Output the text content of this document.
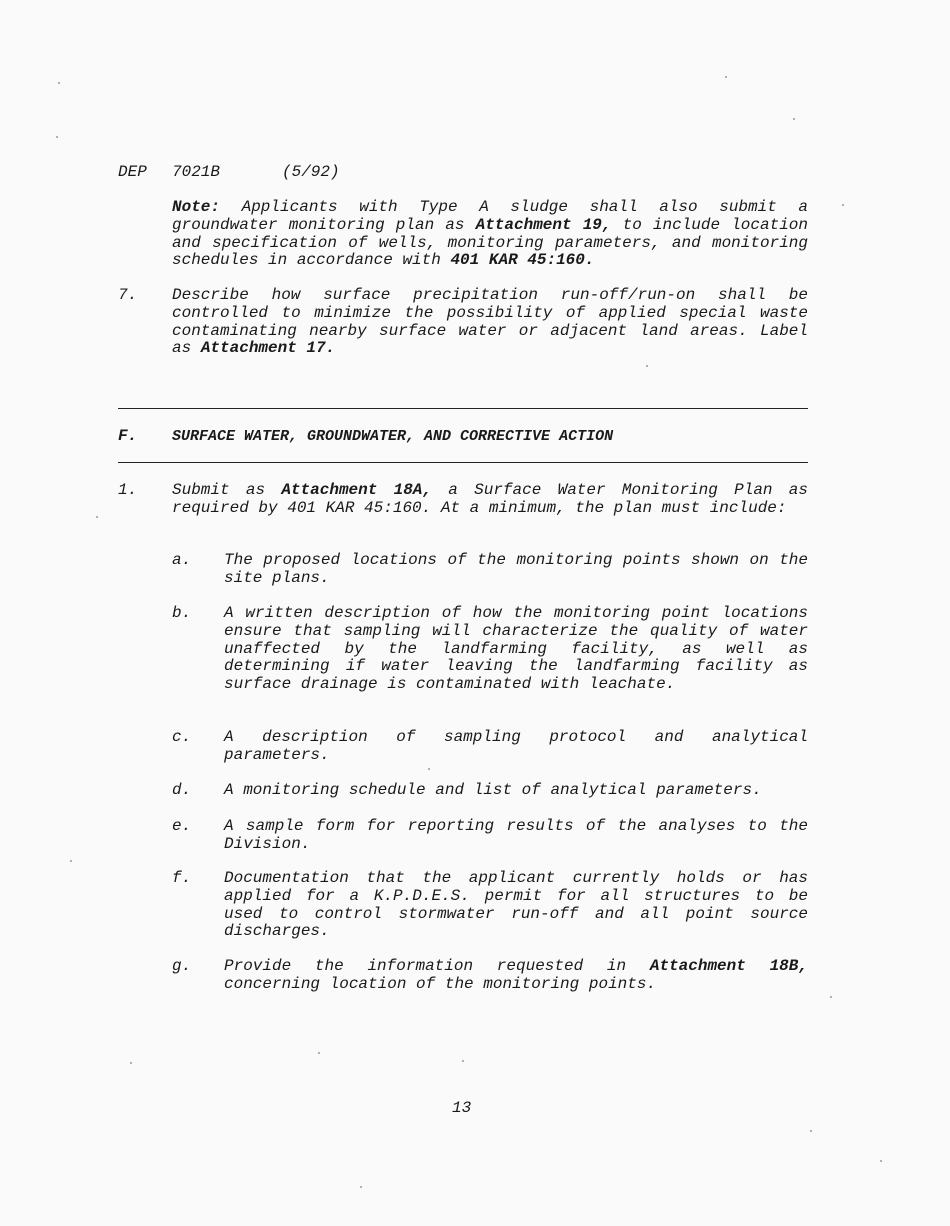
DEP 7021B	(5/92)
Note: Applicants with Type A sludge shall also submit a groundwater monitoring plan as Attachment 19, to include location and specification of wells, monitoring parameters, and monitoring schedules in accordance with 401 KAR 45:160.
7. Describe how surface precipitation run-off/run-on shall be controlled to minimize the possibility of applied special waste contaminating nearby surface water or adjacent land areas. Label as Attachment 17.
F. SURFACE WATER, GROUNDWATER, AND CORRECTIVE ACTION
1. Submit as Attachment 18A, a Surface Water Monitoring Plan as required by 401 KAR 45:160. At a minimum, the plan must include:
a. The proposed locations of the monitoring points shown on the site plans.
b. A written description of how the monitoring point locations ensure that sampling will characterize the quality of water unaffected by the landfarming facility, as well as determining if water leaving the landfarming facility as surface drainage is contaminated with leachate.
c. A description of sampling protocol and analytical parameters.
d. A monitoring schedule and list of analytical parameters.
e. A sample form for reporting results of the analyses to the Division.
f. Documentation that the applicant currently holds or has applied for a K.P.D.E.S. permit for all structures to be used to control stormwater run-off and all point source discharges.
g. Provide the information requested in Attachment 18B, concerning location of the monitoring points.
13
